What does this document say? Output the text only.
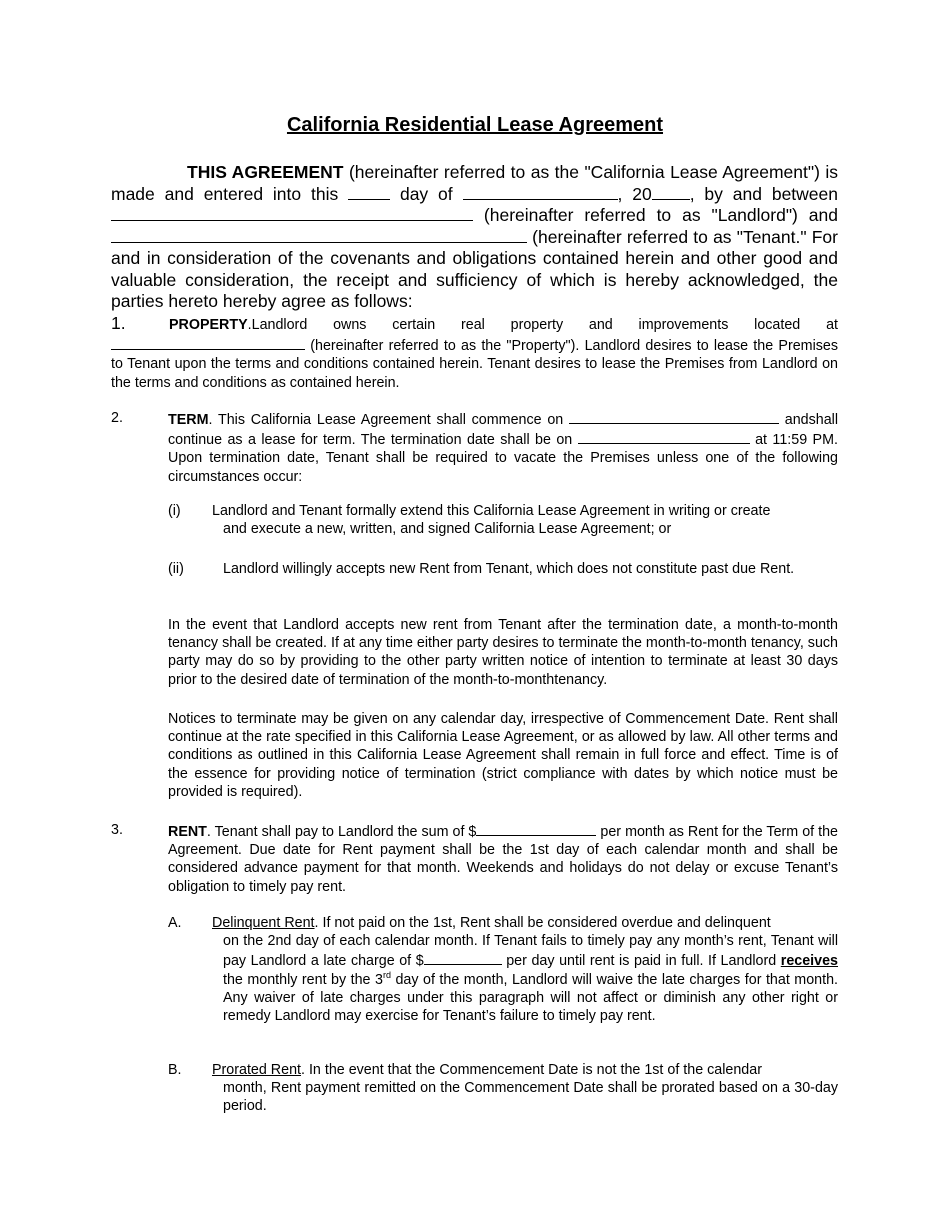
California Residential Lease Agreement

THIS AGREEMENT (hereinafter referred to as the "California Lease Agreement") is made and entered into this  day of	, 20 , by and between  (hereinafter referred to as "Landlord") and  (hereinafter referred to as "Tenant." For and in consideration of the covenants and obligations contained herein and other good and valuable consideration, the receipt and sufficiency of which is hereby acknowledged, the parties hereto hereby agree as follows:

1.	PROPERTY.Landlord owns certain real property and improvements located at  (hereinafter referred to as the "Property"). Landlord desires to lease the Premises to Tenant upon the terms and conditions contained herein. Tenant desires to lease the Premises from Landlord on the terms and conditions as contained herein.

2.	TERM. This California Lease Agreement shall commence on	andshall continue as a lease for term. The termination date shall be on	at 11:59 PM. Upon termination date, Tenant shall be required to vacate the Premises unless one of the following circumstances occur:

(i) Landlord and Tenant formally extend this California Lease Agreement in writing or create
and execute a new, written, and signed California Lease Agreement; or
(ii)	Landlord willingly accepts new Rent from Tenant, which does not constitute past due Rent.

In the event that Landlord accepts new rent from Tenant after the termination date, a month-to-month tenancy shall be created. If at any time either party desires to terminate the month-to-month tenancy, such party may do so by providing to the other party written notice of intention to terminate at least 30 days prior to the desired date of termination of the month-to-monthtenancy.

Notices to terminate may be given on any calendar day, irrespective of Commencement Date. Rent shall continue at the rate specified in this California Lease Agreement, or as allowed by law. All other terms and conditions as outlined in this California Lease Agreement shall remain in full force and effect. Time is of the essence for providing notice of termination (strict compliance with dates by which notice must be provided is required).

3.	RENT. Tenant shall pay to Landlord the sum of $	per month as Rent for the Term of the Agreement. Due date for Rent payment shall be the 1st day of each calendar month and shall be considered advance payment for that month. Weekends and holidays do not delay or excuse Tenant’s obligation to timely pay rent.

A. Delinquent Rent. If not paid on the 1st, Rent shall be considered overdue and delinquent
on the 2nd day of each calendar month. If Tenant fails to timely pay any month’s rent, Tenant will pay Landlord a late charge of $	per day until rent is paid in full. If Landlord receives the monthly rent by the 3rd day of the month, Landlord will waive the late charges for that month. Any waiver of late charges under this paragraph will not affect or diminish any other right or remedy Landlord may exercise for Tenant’s failure to timely pay rent.
B. Prorated Rent. In the event that the Commencement Date is not the 1st of the calendar
month, Rent payment remitted on the Commencement Date shall be prorated based on a 30-day period.
